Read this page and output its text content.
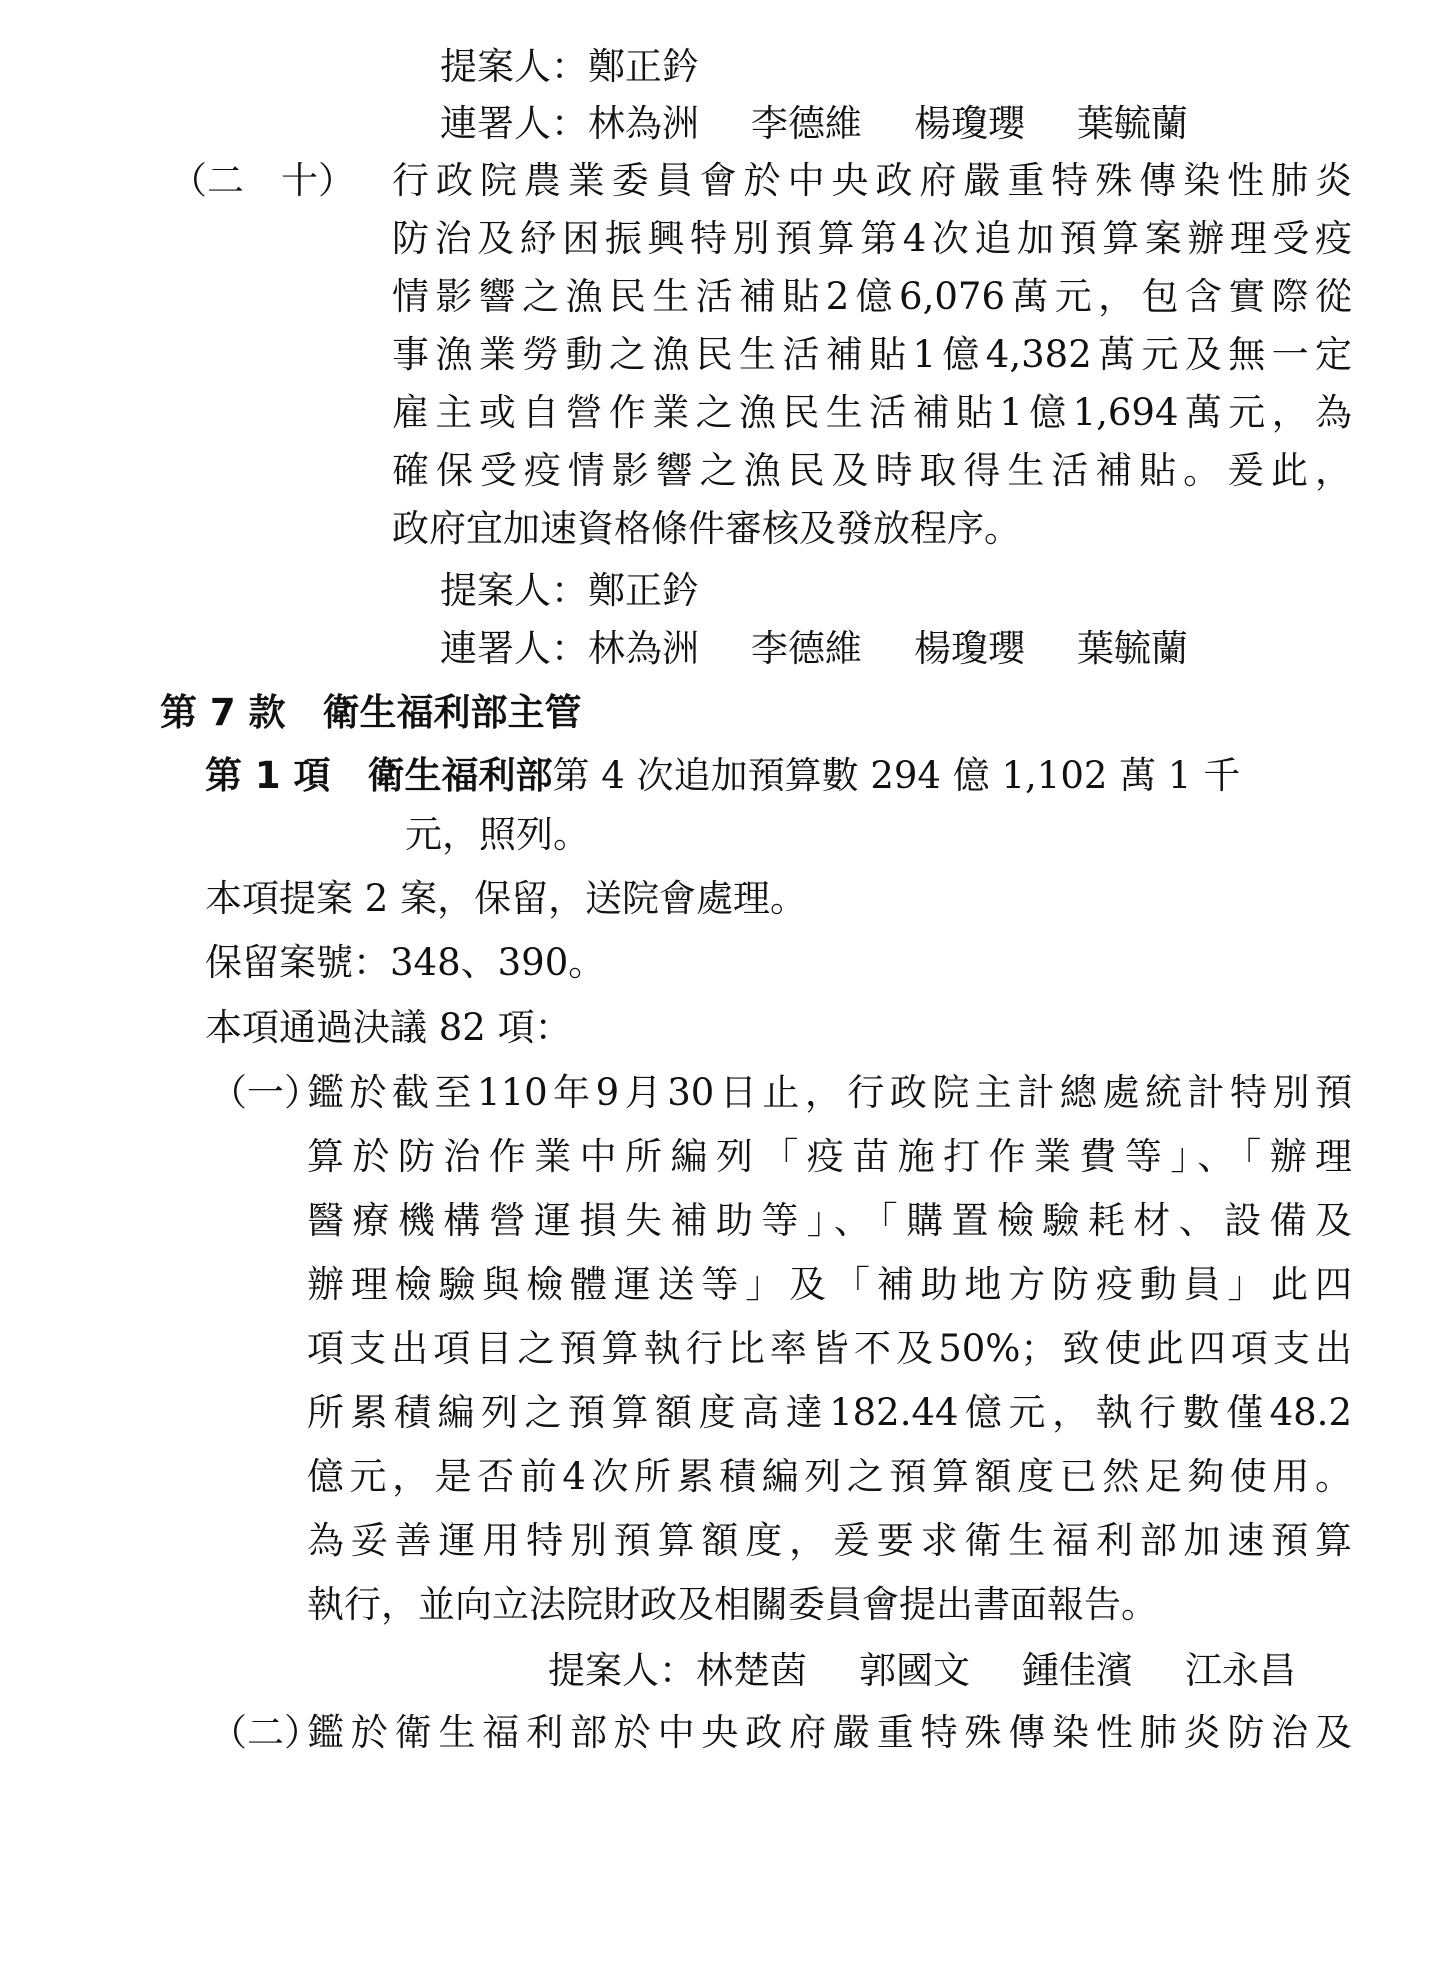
提案人：鄭正鈐
連署人：林為洲 李德維 楊瓊瓔 葉毓蘭
（二　十） 行政院農業委員會於中央政府嚴重特殊傳染性肺炎
防治及紓困振興特別預算第4次追加預算案辦理受疫
情影響之漁民生活補貼2億6,076萬元，包含實際從
事漁業勞動之漁民生活補貼1億4,382萬元及無一定
雇主或自營作業之漁民生活補貼1億1,694萬元，為
確保受疫情影響之漁民及時取得生活補貼。爰此，
政府宜加速資格條件審核及發放程序。
提案人：鄭正鈐
連署人：林為洲 李德維 楊瓊瓔 葉毓蘭
第 7 款　衛生福利部主管
第 1 項　衛生福利部第 4 次追加預算數 294 億 1,102 萬 1 千
元，照列。
本項提案 2 案，保留，送院會處理。
保留案號：348、390。
本項通過決議 82 項：
（一）
鑑於截至110年9月30日止，行政院主計總處統計特別預
算於防治作業中所編列「疫苗施打作業費等」、「辦理
醫療機構營運損失補助等」、「購置檢驗耗材、設備及
辦理檢驗與檢體運送等」及「補助地方防疫動員」此四
項支出項目之預算執行比率皆不及50%；致使此四項支出
所累積編列之預算額度高達182.44億元，執行數僅48.2
億元，是否前4次所累積編列之預算額度已然足夠使用。
為妥善運用特別預算額度，爰要求衛生福利部加速預算
執行，並向立法院財政及相關委員會提出書面報告。
提案人：林楚茵 郭國文 鍾佳濱 江永昌
（二）
鑑於衛生福利部於中央政府嚴重特殊傳染性肺炎防治及
